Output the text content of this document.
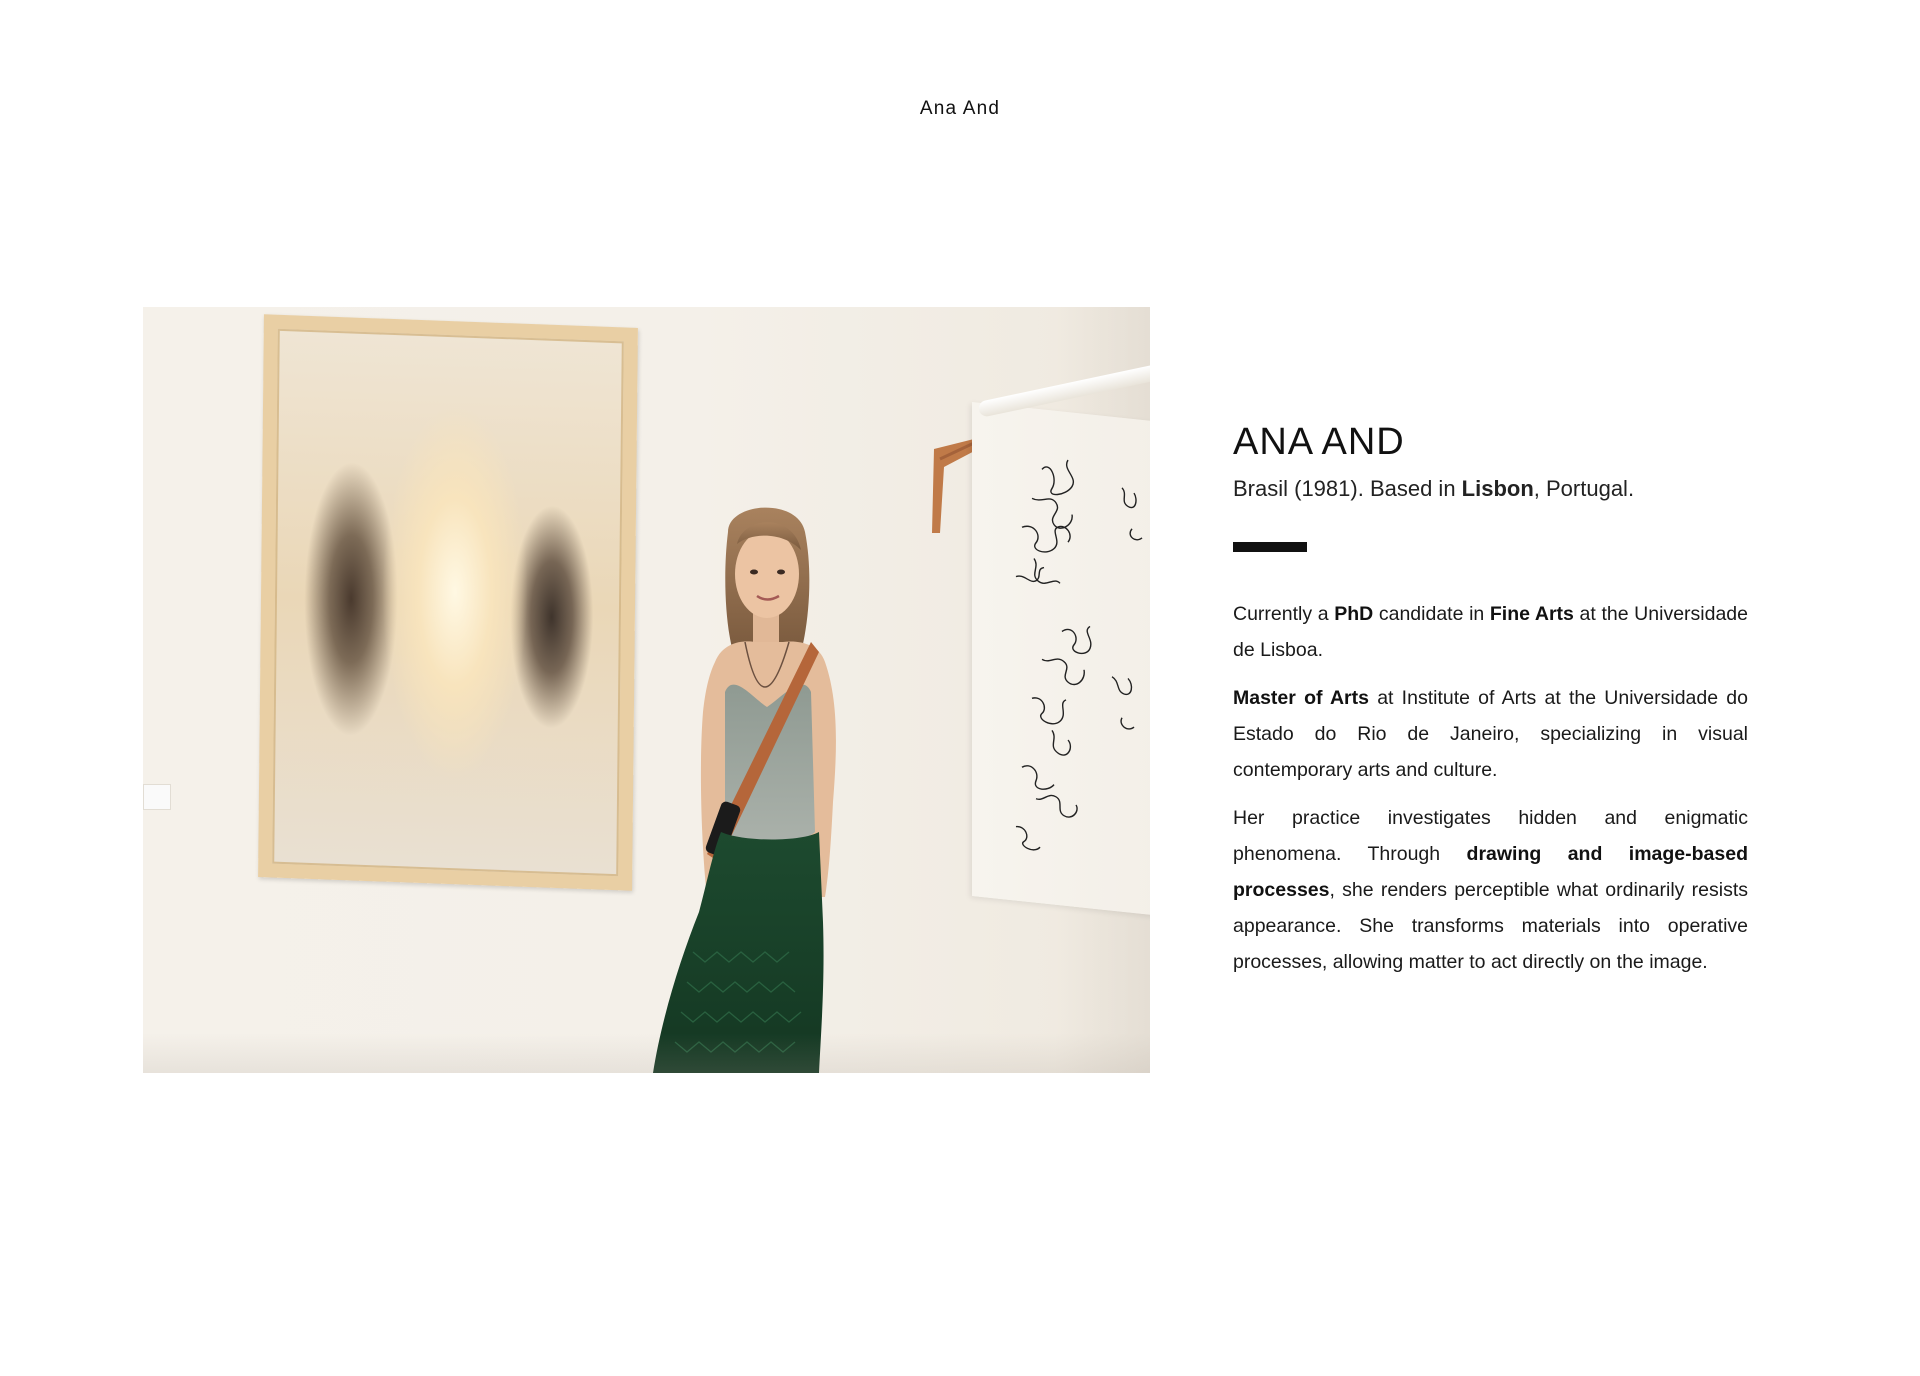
Ana And
ANA AND

Brasil (1981). Based in Lisbon, Portugal.

Currently a PhD candidate in Fine Arts at the Universidade de Lisboa.

Master of Arts at Institute of Arts at the Universidade do Estado do Rio de Janeiro, specializing in visual contemporary arts and culture.

Her practice investigates hidden and enigmatic phenomena. Through drawing and image-based processes, she renders perceptible what ordinarily resists appearance. She transforms materials into operative processes, allowing matter to act directly on the image.
